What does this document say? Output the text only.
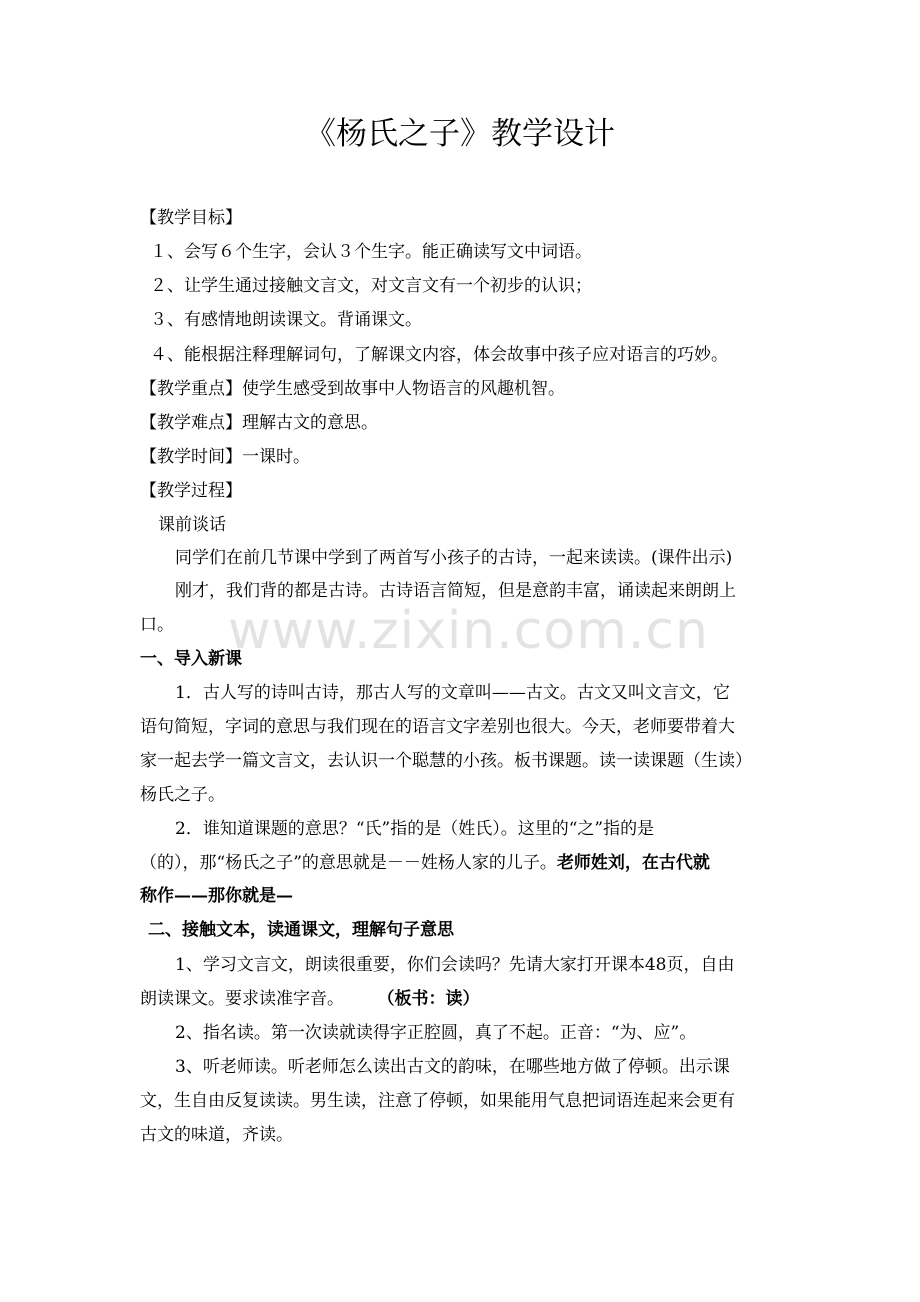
www.zixin.com.cn
《杨氏之子》教学设计
【教学目标】
１、会写６个生字，会认３个生字。能正确读写文中词语。
２、让学生通过接触文言文，对文言文有一个初步的认识；
３、有感情地朗读课文。背诵课文。
４、能根据注释理解词句，了解课文内容，体会故事中孩子应对语言的巧妙。
【教学重点】使学生感受到故事中人物语言的风趣机智。
【教学难点】理解古文的意思。
【教学时间】一课时。
【教学过程】
课前谈话
同学们在前几节课中学到了两首写小孩子的古诗，一起来读读。(课件出示)
刚才，我们背的都是古诗。古诗语言简短，但是意韵丰富，诵读起来朗朗上
口。
一、导入新课
1．古人写的诗叫古诗，那古人写的文章叫——古文。古文又叫文言文，它
语句简短，字词的意思与我们现在的语言文字差别也很大。今天，老师要带着大
家一起去学一篇文言文，去认识一个聪慧的小孩。板书课题。读一读课题（生读）
杨氏之子。
2．谁知道课题的意思？“氏”指的是（姓氏）。这里的“之”指的是
（的），那“杨氏之子”的意思就是－－姓杨人家的儿子。老师姓刘，在古代就
称作——那你就是—
二、接触文本，读通课文，理解句子意思
1、学习文言文，朗读很重要，你们会读吗？先请大家打开课本48页，自由
朗读课文。要求读准字音。 （板书：读）
2、指名读。第一次读就读得字正腔圆，真了不起。正音：“为、应”。
3、听老师读。听老师怎么读出古文的韵味，在哪些地方做了停顿。出示课
文，生自由反复读读。男生读，注意了停顿，如果能用气息把词语连起来会更有
古文的味道，齐读。
